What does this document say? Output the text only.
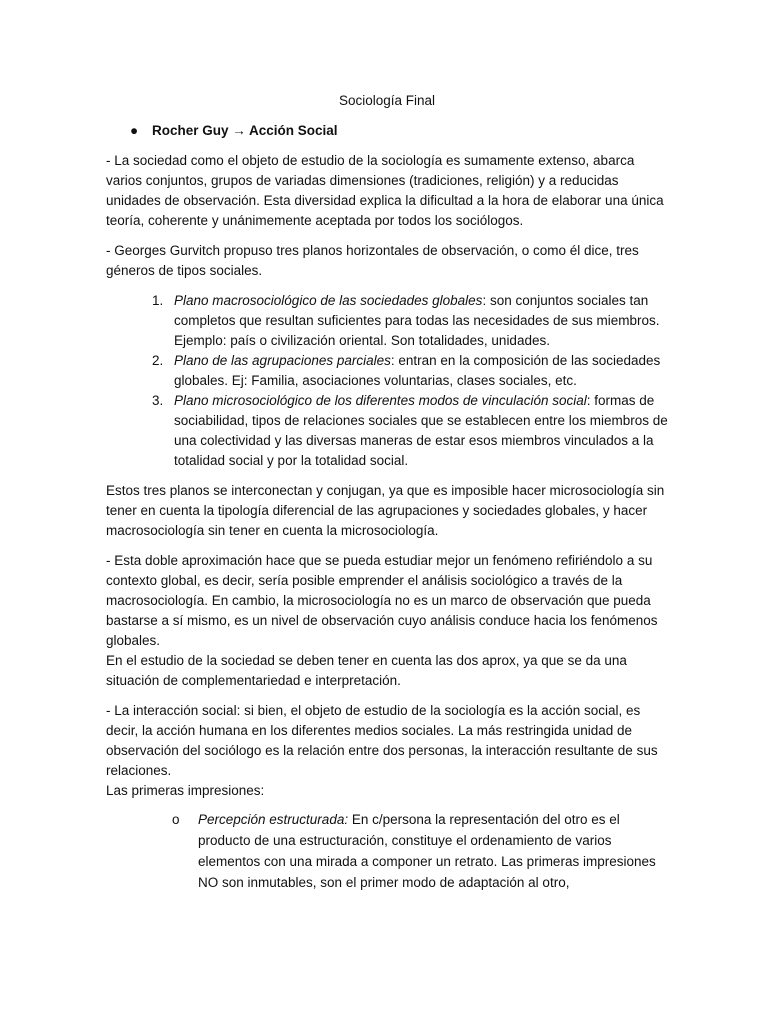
Sociología Final
● Rocher Guy → Acción Social

- La sociedad como el objeto de estudio de la sociología es sumamente extenso, abarca varios conjuntos, grupos de variadas dimensiones (tradiciones, religión) y a reducidas unidades de observación. Esta diversidad explica la dificultad a la hora de elaborar una única teoría, coherente y unánimemente aceptada por todos los sociólogos.

- Georges Gurvitch propuso tres planos horizontales de observación, o como él dice, tres géneros de tipos sociales.

1. Plano macrosociológico de las sociedades globales: son conjuntos sociales tan completos que resultan suficientes para todas las necesidades de sus miembros. Ejemplo: país o civilización oriental. Son totalidades, unidades.
2. Plano de las agrupaciones parciales: entran en la composición de las sociedades globales. Ej: Familia, asociaciones voluntarias, clases sociales, etc.
3. Plano microsociológico de los diferentes modos de vinculación social: formas de sociabilidad, tipos de relaciones sociales que se establecen entre los miembros de una colectividad y las diversas maneras de estar esos miembros vinculados a la totalidad social y por la totalidad social.

Estos tres planos se interconectan y conjugan, ya que es imposible hacer microsociología sin tener en cuenta la tipología diferencial de las agrupaciones y sociedades globales, y hacer macrosociología sin tener en cuenta la microsociología.

- Esta doble aproximación hace que se pueda estudiar mejor un fenómeno refiriéndolo a su contexto global, es decir, sería posible emprender el análisis sociológico a través de la macrosociología. En cambio, la microsociología no es un marco de observación que pueda bastarse a sí mismo, es un nivel de observación cuyo análisis conduce hacia los fenómenos globales.
En el estudio de la sociedad se deben tener en cuenta las dos aprox, ya que se da una situación de complementariedad e interpretación.

- La interacción social: si bien, el objeto de estudio de la sociología es la acción social, es decir, la acción humana en los diferentes medios sociales. La más restringida unidad de observación del sociólogo es la relación entre dos personas, la interacción resultante de sus relaciones.
Las primeras impresiones:

o Percepción estructurada: En c/persona la representación del otro es el producto de una estructuración, constituye el ordenamiento de varios elementos con una mirada a componer un retrato. Las primeras impresiones NO son inmutables, son el primer modo de adaptación al otro,
